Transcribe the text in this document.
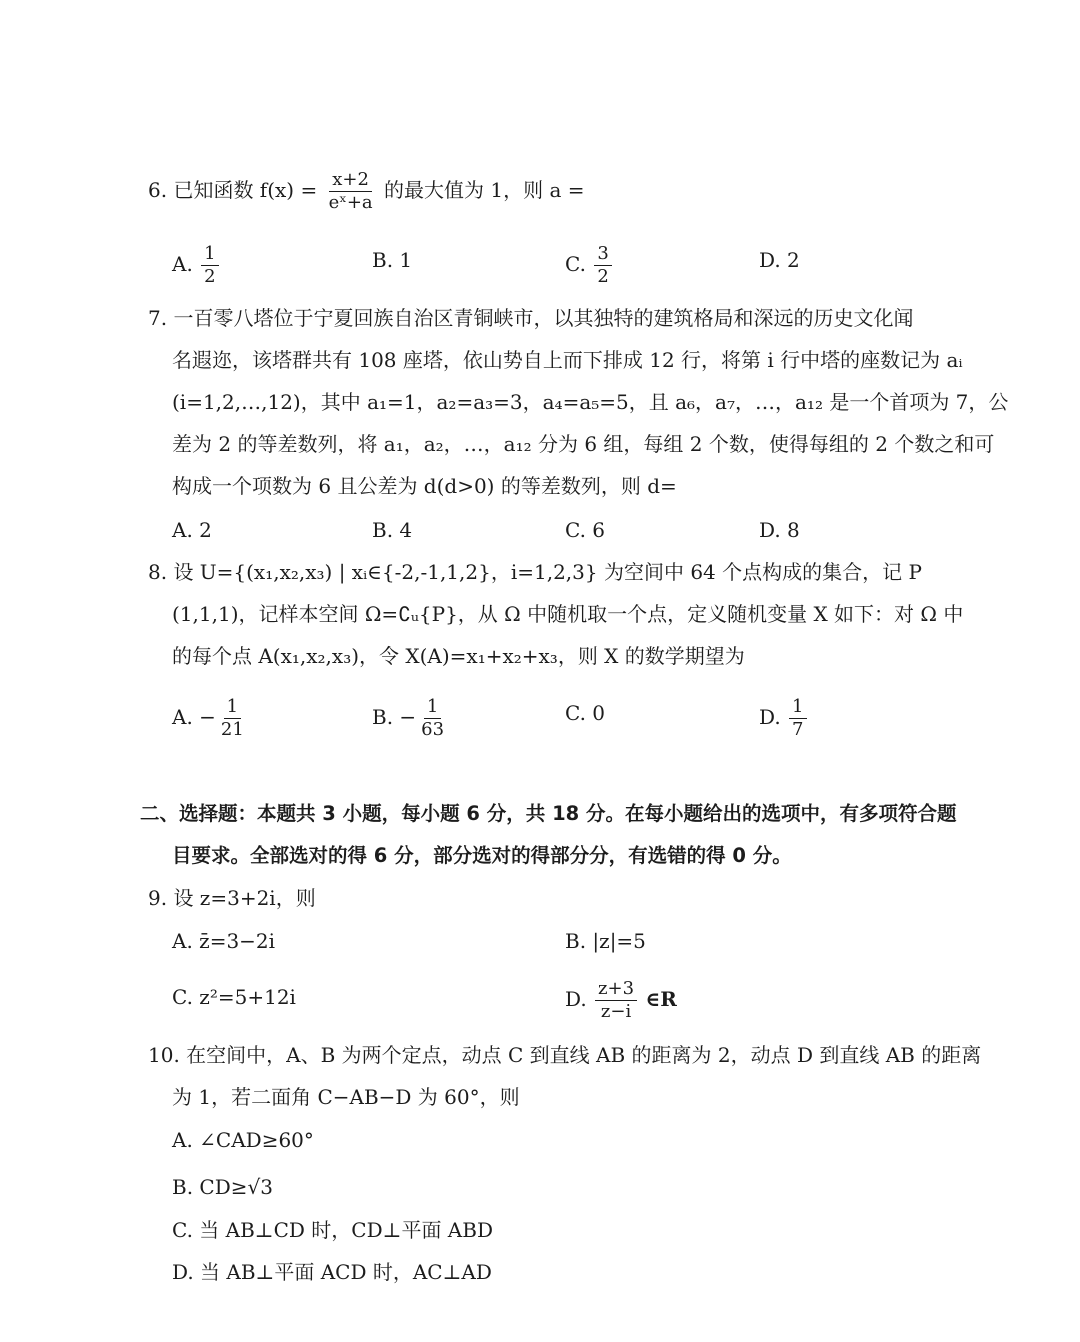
6. 已知函数 $f(x) = \frac{x+2}{\text{eˣ+a}}$ 的最大值为 1，则 a =
A. $\frac{1}{2}$	B. 1	C. $\frac{3}{2}$	D. 2
7. 一百零八塔位于宁夏回族自治区青铜峡市，以其独特的建筑格局和深远的历史文化闻
名遐迩，该塔群共有 108 座塔，依山势自上而下排成 12 行，将第 i 行中塔的座数记为 aᵢ
(i=1,2,…,12)，其中 a₁=1，a₂=a₃=3，a₄=a₅=5，且 a₆，a₇，…，a₁₂ 是一个首项为 7，公
差为 2 的等差数列，将 a₁，a₂，…，a₁₂ 分为 6 组，每组 2 个数，使得每组的 2 个数之和可
构成一个项数为 6 且公差为 d(d>0) 的等差数列，则 d=
A. 2	B. 4	C. 6	D. 8
8. 设 U={(x₁,x₂,x₃) | xᵢ∈{-2,-1,1,2}，i=1,2,3} 为空间中 64 个点构成的集合，记 P
(1,1,1)，记样本空间 Ω=∁ᵤ{P}，从 Ω 中随机取一个点，定义随机变量 X 如下：对 Ω 中
的每个点 A(x₁,x₂,x₃)，令 X(A)=x₁+x₂+x₃，则 X 的数学期望为
A. − $\frac{1}{21}$	B. − $\frac{1}{63}$	C. 0	D. $\frac{1}{7}$
二、选择题：本题共 3 小题，每小题 6 分，共 18 分。在每小题给出的选项中，有多项符合题
目要求。全部选对的得 6 分，部分选对的得部分分，有选错的得 0 分。
9. 设 z=3+2i，则
A. z̄=3−2i	B. |z|=5
C. z²=5+12i	D. $\frac{z+3}{z-i}$ ∈R
10. 在空间中，A、B 为两个定点，动点 C 到直线 AB 的距离为 2，动点 D 到直线 AB 的距离
为 1，若二面角 C−AB−D 为 60°，则
A. ∠CAD≥60°
B. CD≥√3
C. 当 AB⊥CD 时，CD⊥平面 ABD
D. 当 AB⊥平面 ACD 时，AC⊥AD
